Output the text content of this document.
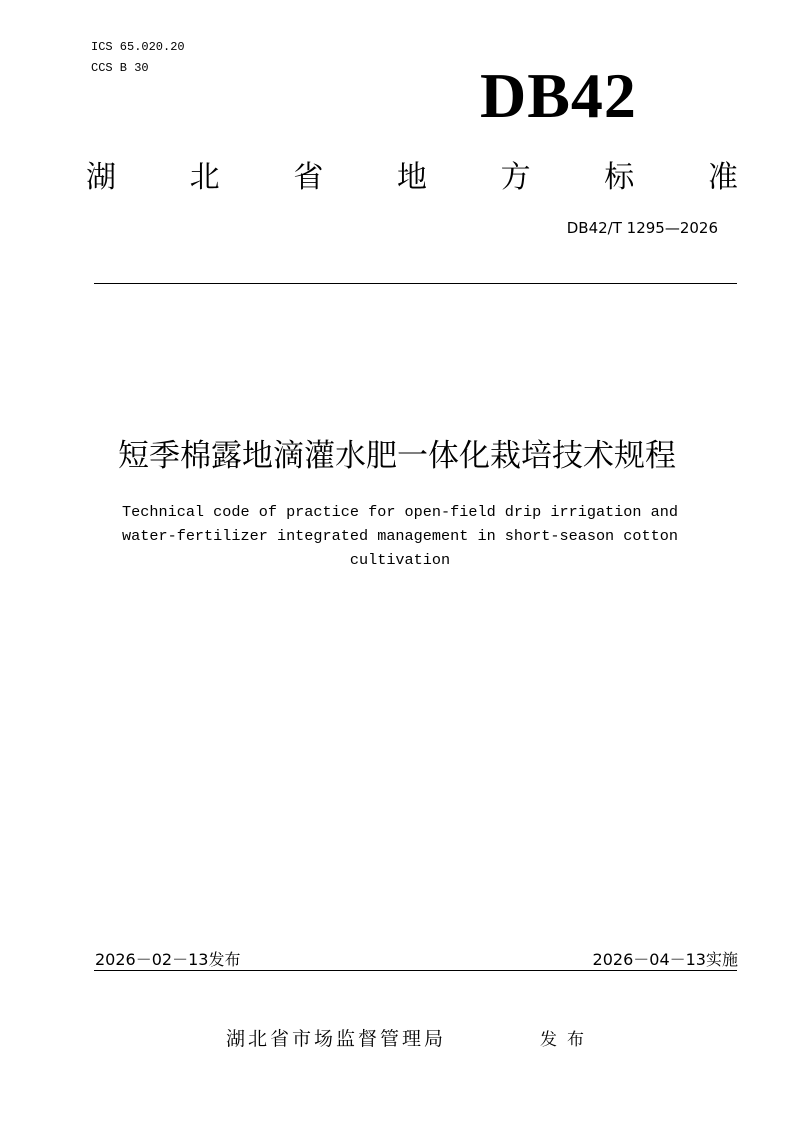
ICS 65.020.20
CCS B 30	DB42
湖 北 省 地 方 标 准
DB42/T 1295—2026
短季棉露地滴灌水肥一体化栽培技术规程
Technical code of practice for open-field drip irrigation and
water-fertilizer integrated management in short-season cotton
cultivation
2026－02－13发布	2026－04－13实施
湖北省市场监督管理局	发布
